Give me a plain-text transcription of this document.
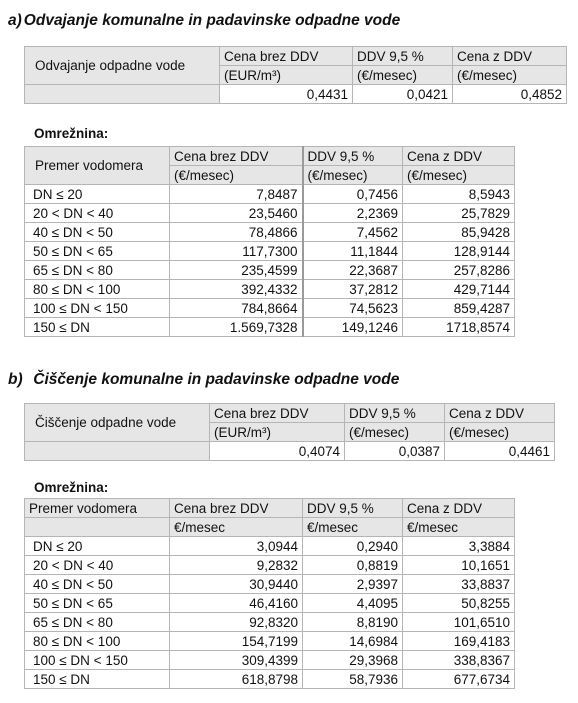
a) Odvajanje komunalne in padavinske odpadne vode
Odvajanje odpadne vode	Cena brez DDV	DDV 9,5 %	Cena z DDV
	(EUR/m³)	(€/mesec)	(€/mesec)
	0,4431	0,0421	0,4852
Omrežnina:
Premer vodomera	Cena brez DDV	DDV 9,5 %	Cena z DDV
	(€/mesec)	(€/mesec)	(€/mesec)
DN ≤ 20	7,8487	0,7456	8,5943
20 < DN < 40	23,5460	2,2369	25,7829
40 ≤ DN < 50	78,4866	7,4562	85,9428
50 ≤ DN < 65	117,7300	11,1844	128,9144
65 ≤ DN < 80	235,4599	22,3687	257,8286
80 ≤ DN < 100	392,4332	37,2812	429,7144
100 ≤ DN < 150	784,8664	74,5623	859,4287
150 ≤ DN	1.569,7328	149,1246	1718,8574
b) Čiščenje komunalne in padavinske odpadne vode
Čiščenje odpadne vode	Cena brez DDV	DDV 9,5 %	Cena z DDV
	(EUR/m³)	(€/mesec)	(€/mesec)
	0,4074	0,0387	0,4461
Omrežnina:
Premer vodomera	Cena brez DDV	DDV 9,5 %	Cena z DDV
	€/mesec	€/mesec	€/mesec
DN ≤ 20	3,0944	0,2940	3,3884
20 < DN < 40	9,2832	0,8819	10,1651
40 ≤ DN < 50	30,9440	2,9397	33,8837
50 ≤ DN < 65	46,4160	4,4095	50,8255
65 ≤ DN < 80	92,8320	8,8190	101,6510
80 ≤ DN < 100	154,7199	14,6984	169,4183
100 ≤ DN < 150	309,4399	29,3968	338,8367
150 ≤ DN	618,8798	58,7936	677,6734
